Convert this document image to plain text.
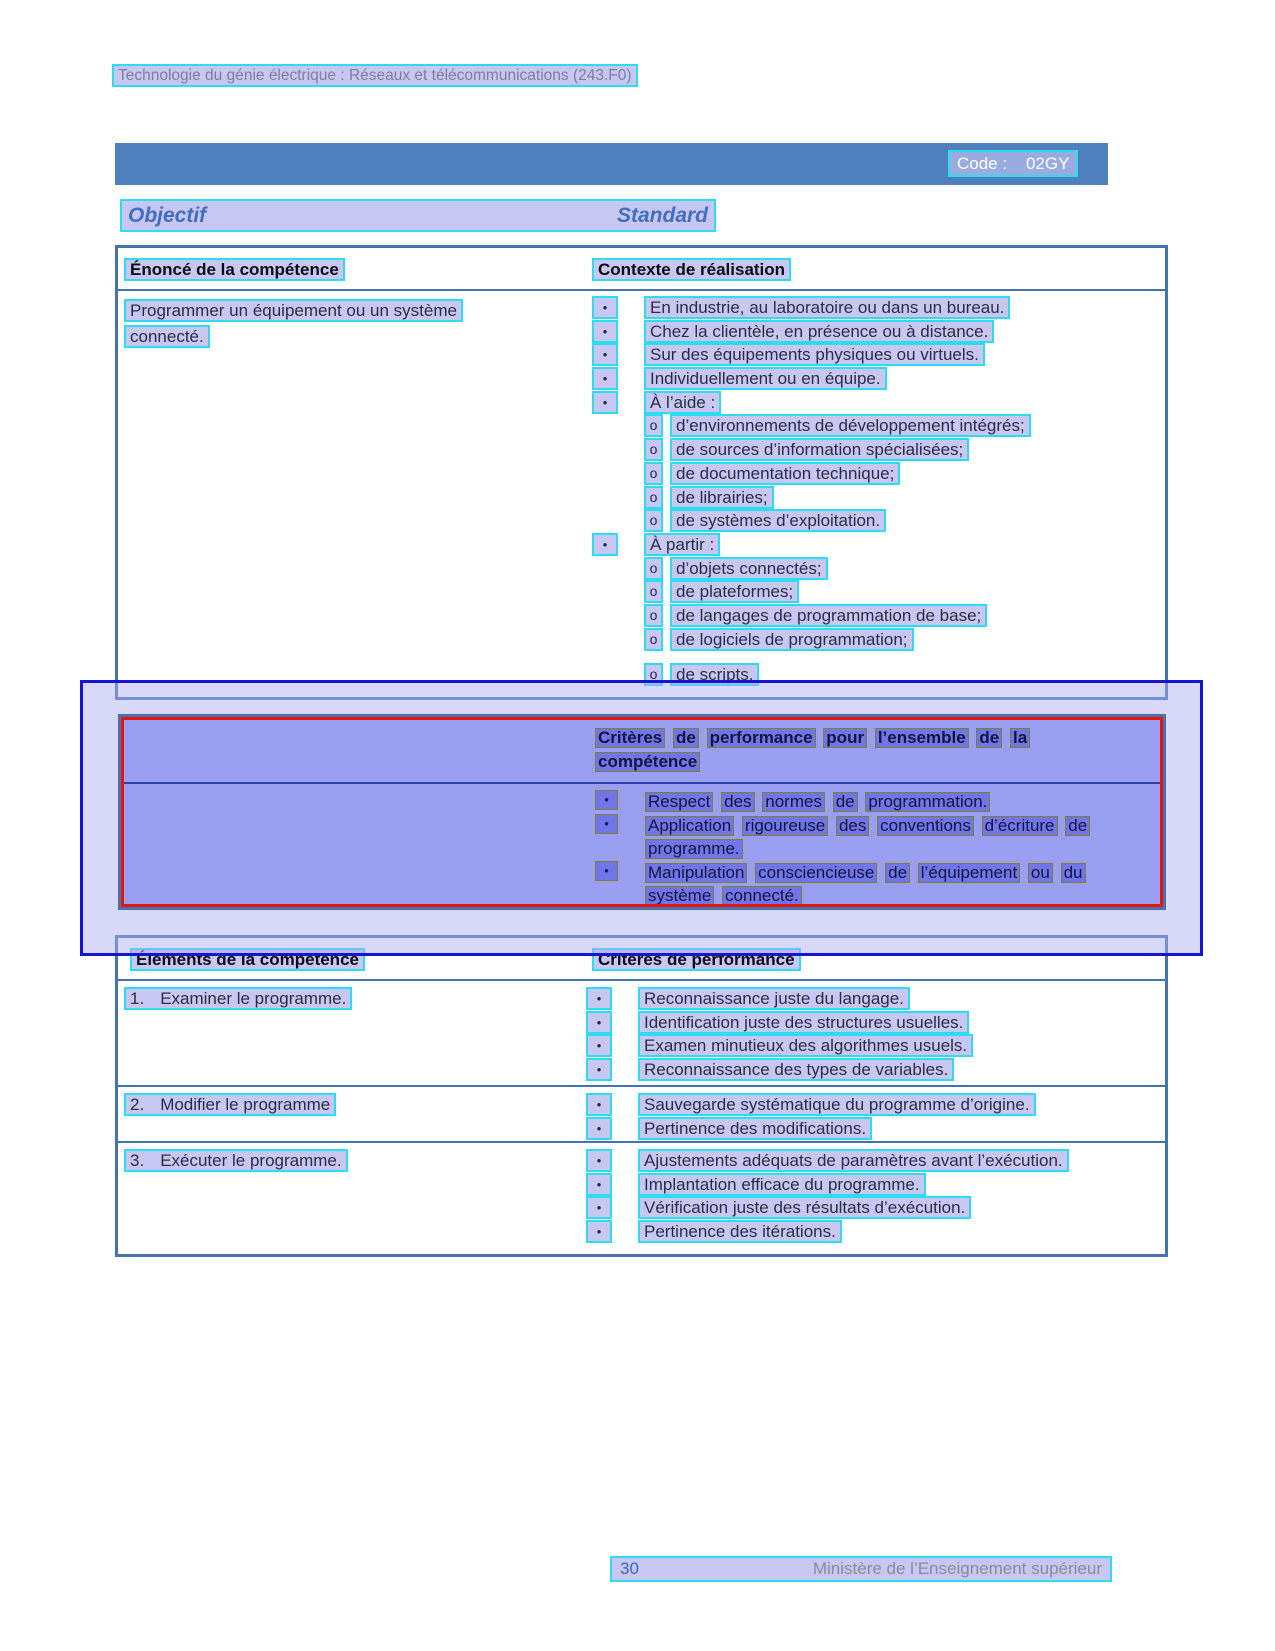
Technologie du génie électrique : Réseaux et télécommunications (243.F0)
Code :    02GY
Objectif	Standard
Énoncé de la compétence	Contexte de réalisation
Programmer un équipement ou un système
connecté.
•	En industrie, au laboratoire ou dans un bureau.
•	Chez la clientèle, en présence ou à distance.
•	Sur des équipements physiques ou virtuels.
•	Individuellement ou en équipe.
•	À l’aide :
o	d’environnements de développement intégrés;
o	de sources d’information spécialisées;
o	de documentation technique;
o	de librairies;
o	de systèmes d’exploitation.
•	À partir :
o	d’objets connectés;
o	de plateformes;
o	de langages de programmation de base;
o	de logiciels de programmation;
o	de scripts.
Critères de performance pour l’ensemble de la compétence
•	Respect des normes de programmation.
•	Application rigoureuse des conventions d’écriture de programme.
•	Manipulation consciencieuse de l’équipement ou du système connecté.
Éléments de la compétence	Critères de performance
1. Examiner le programme.	•	Reconnaissance juste du langage.
•	Identification juste des structures usuelles.
•	Examen minutieux des algorithmes usuels.
•	Reconnaissance des types de variables.
2. Modifier le programme	•	Sauvegarde systématique du programme d’origine.
•	Pertinence des modifications.
3. Exécuter le programme.	•	Ajustements adéquats de paramètres avant l’exécution.
•	Implantation efficace du programme.
•	Vérification juste des résultats d’exécution.
•	Pertinence des itérations.
30	Ministère de l’Enseignement supérieur
